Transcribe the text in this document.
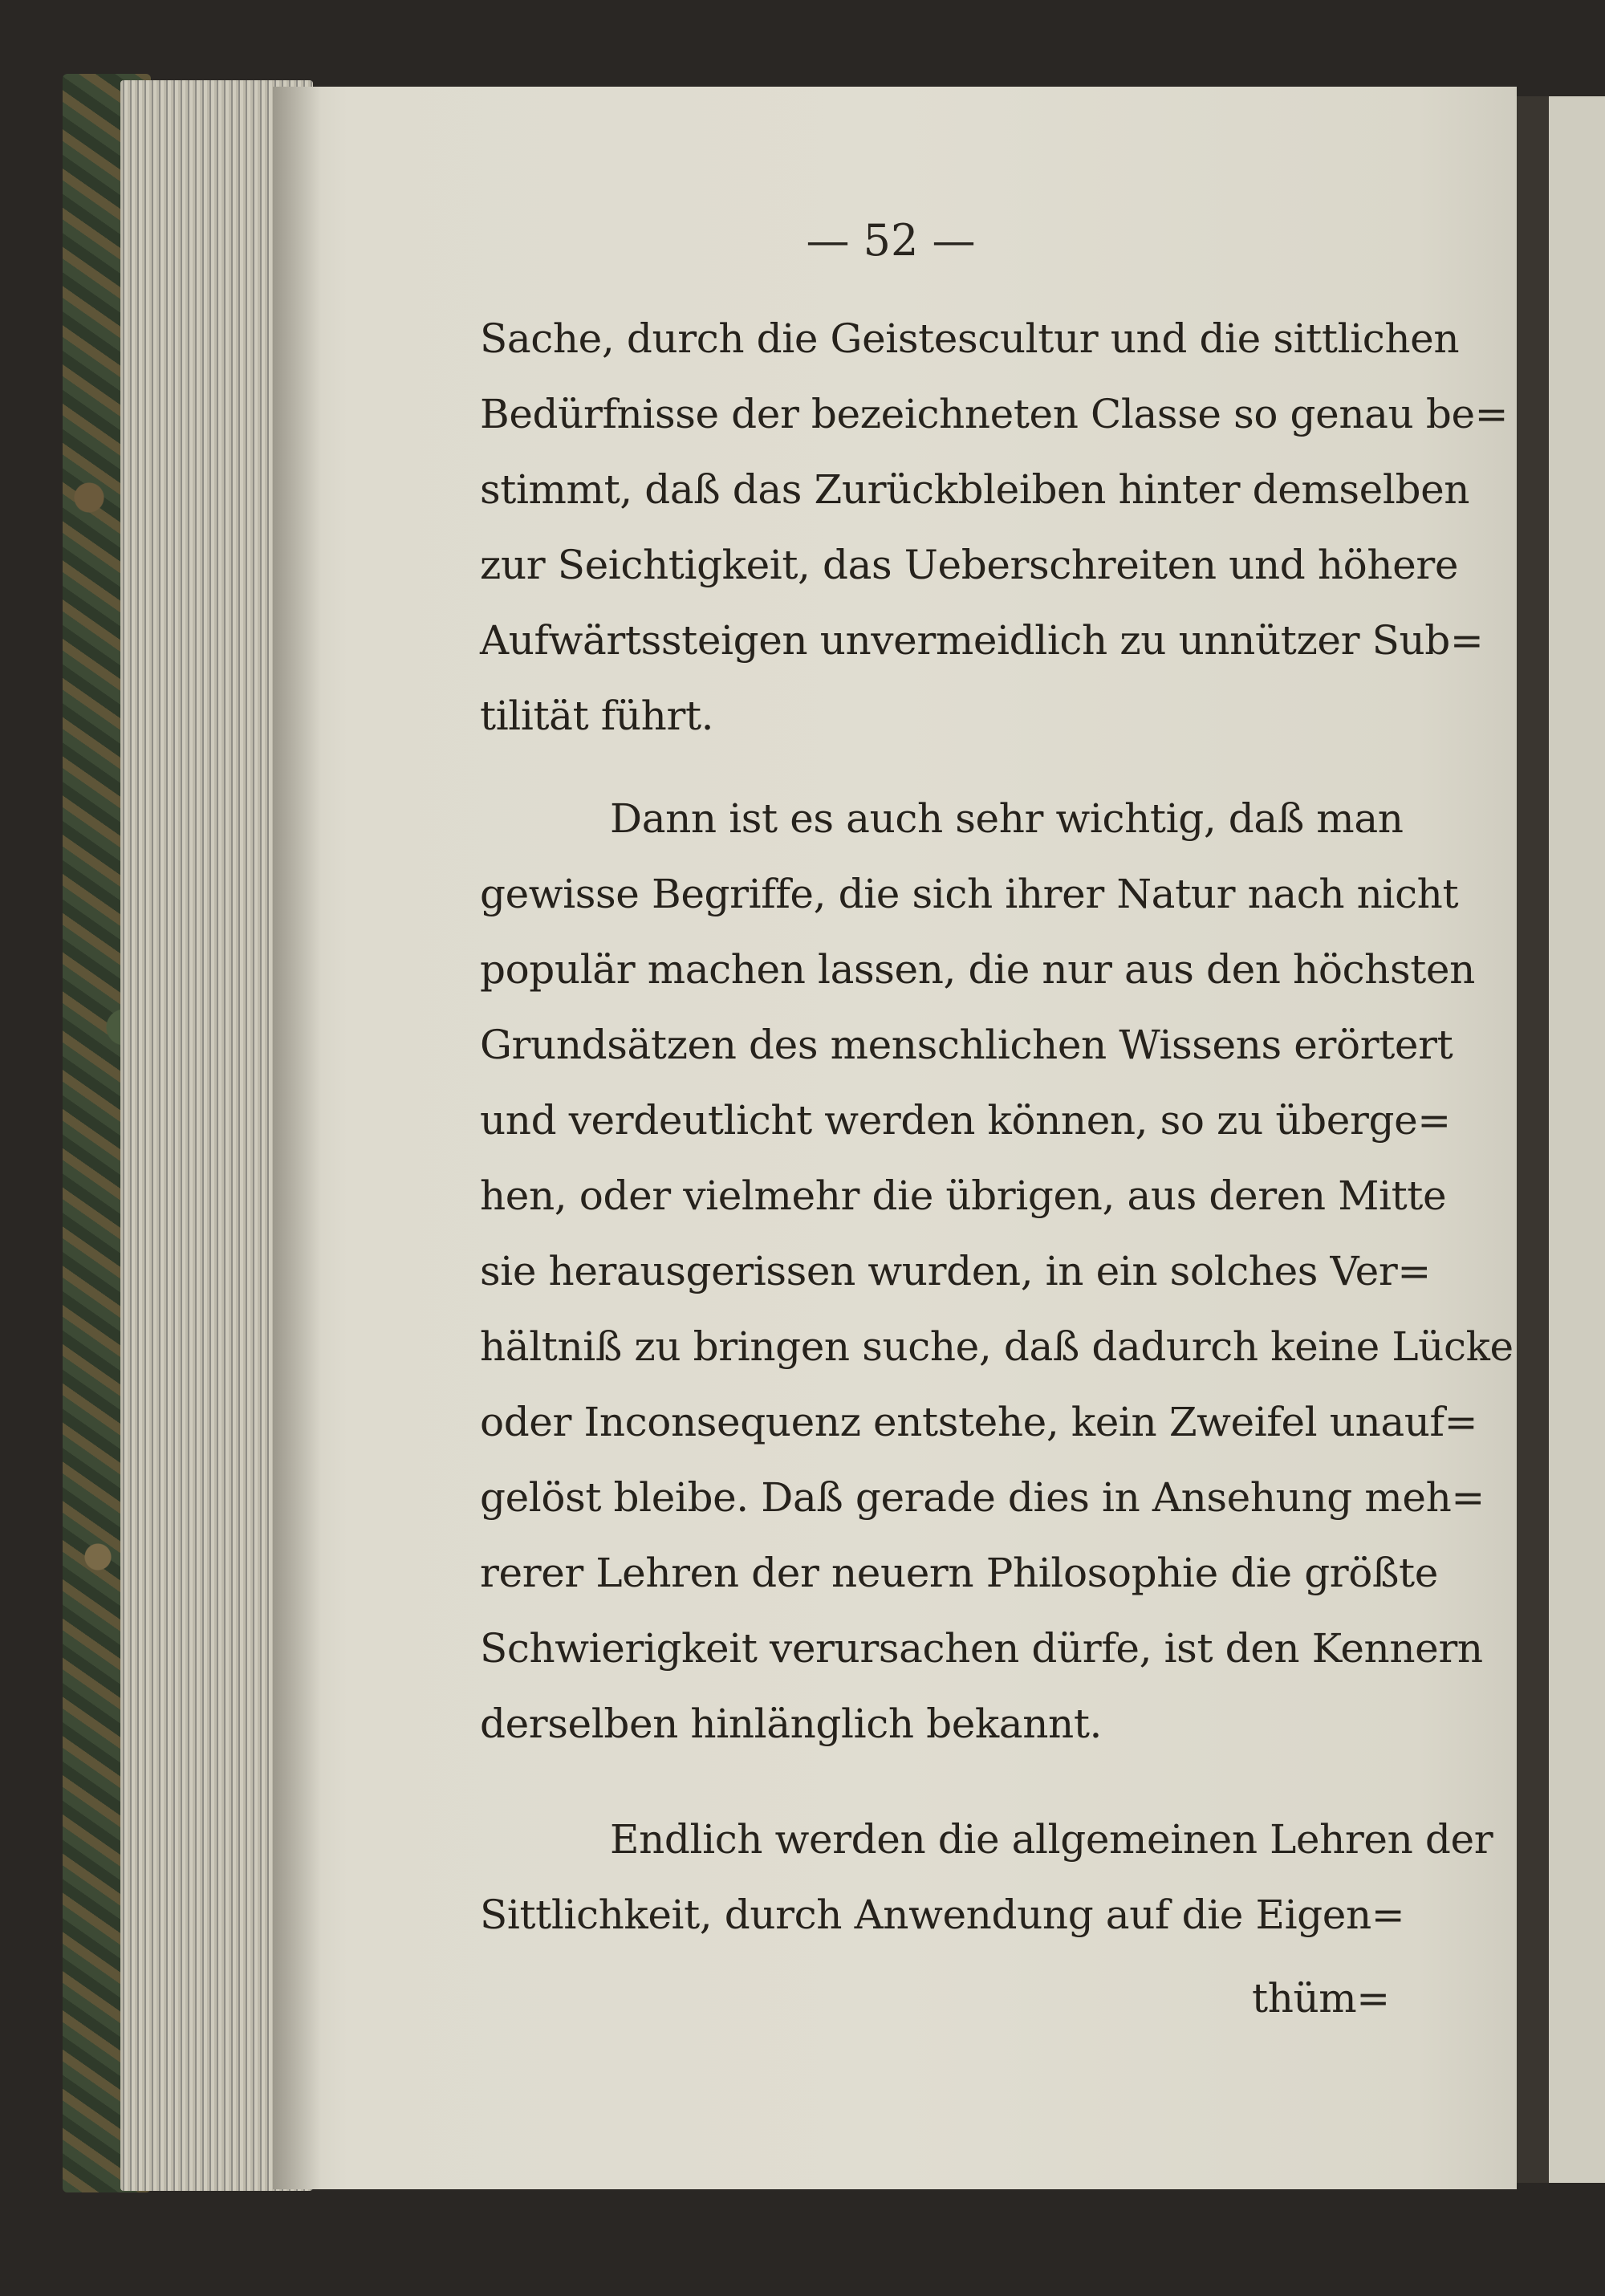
— 52 —

Sache, durch die Geistescultur und die sittlichen

Bedürfnisse der bezeichneten Classe so genau be=

stimmt, daß das Zurückbleiben hinter demselben

zur Seichtigkeit, das Ueberschreiten und höhere

Aufwärtssteigen unvermeidlich zu unnützer Sub=

tilität führt.

Dann ist es auch sehr wichtig, daß man

gewisse Begriffe, die sich ihrer Natur nach nicht

populär machen lassen, die nur aus den höchsten

Grundsätzen des menschlichen Wissens erörtert

und verdeutlicht werden können, so zu überge=

hen, oder vielmehr die übrigen, aus deren Mitte

sie herausgerissen wurden, in ein solches Ver=

hältniß zu bringen suche, daß dadurch keine Lücke

oder Inconsequenz entstehe, kein Zweifel unauf=

gelöst bleibe. Daß gerade dies in Ansehung meh=

rerer Lehren der neuern Philosophie die größte

Schwierigkeit verursachen dürfe, ist den Kennern

derselben hinlänglich bekannt.

Endlich werden die allgemeinen Lehren der

Sittlichkeit, durch Anwendung auf die Eigen=

thüm=
